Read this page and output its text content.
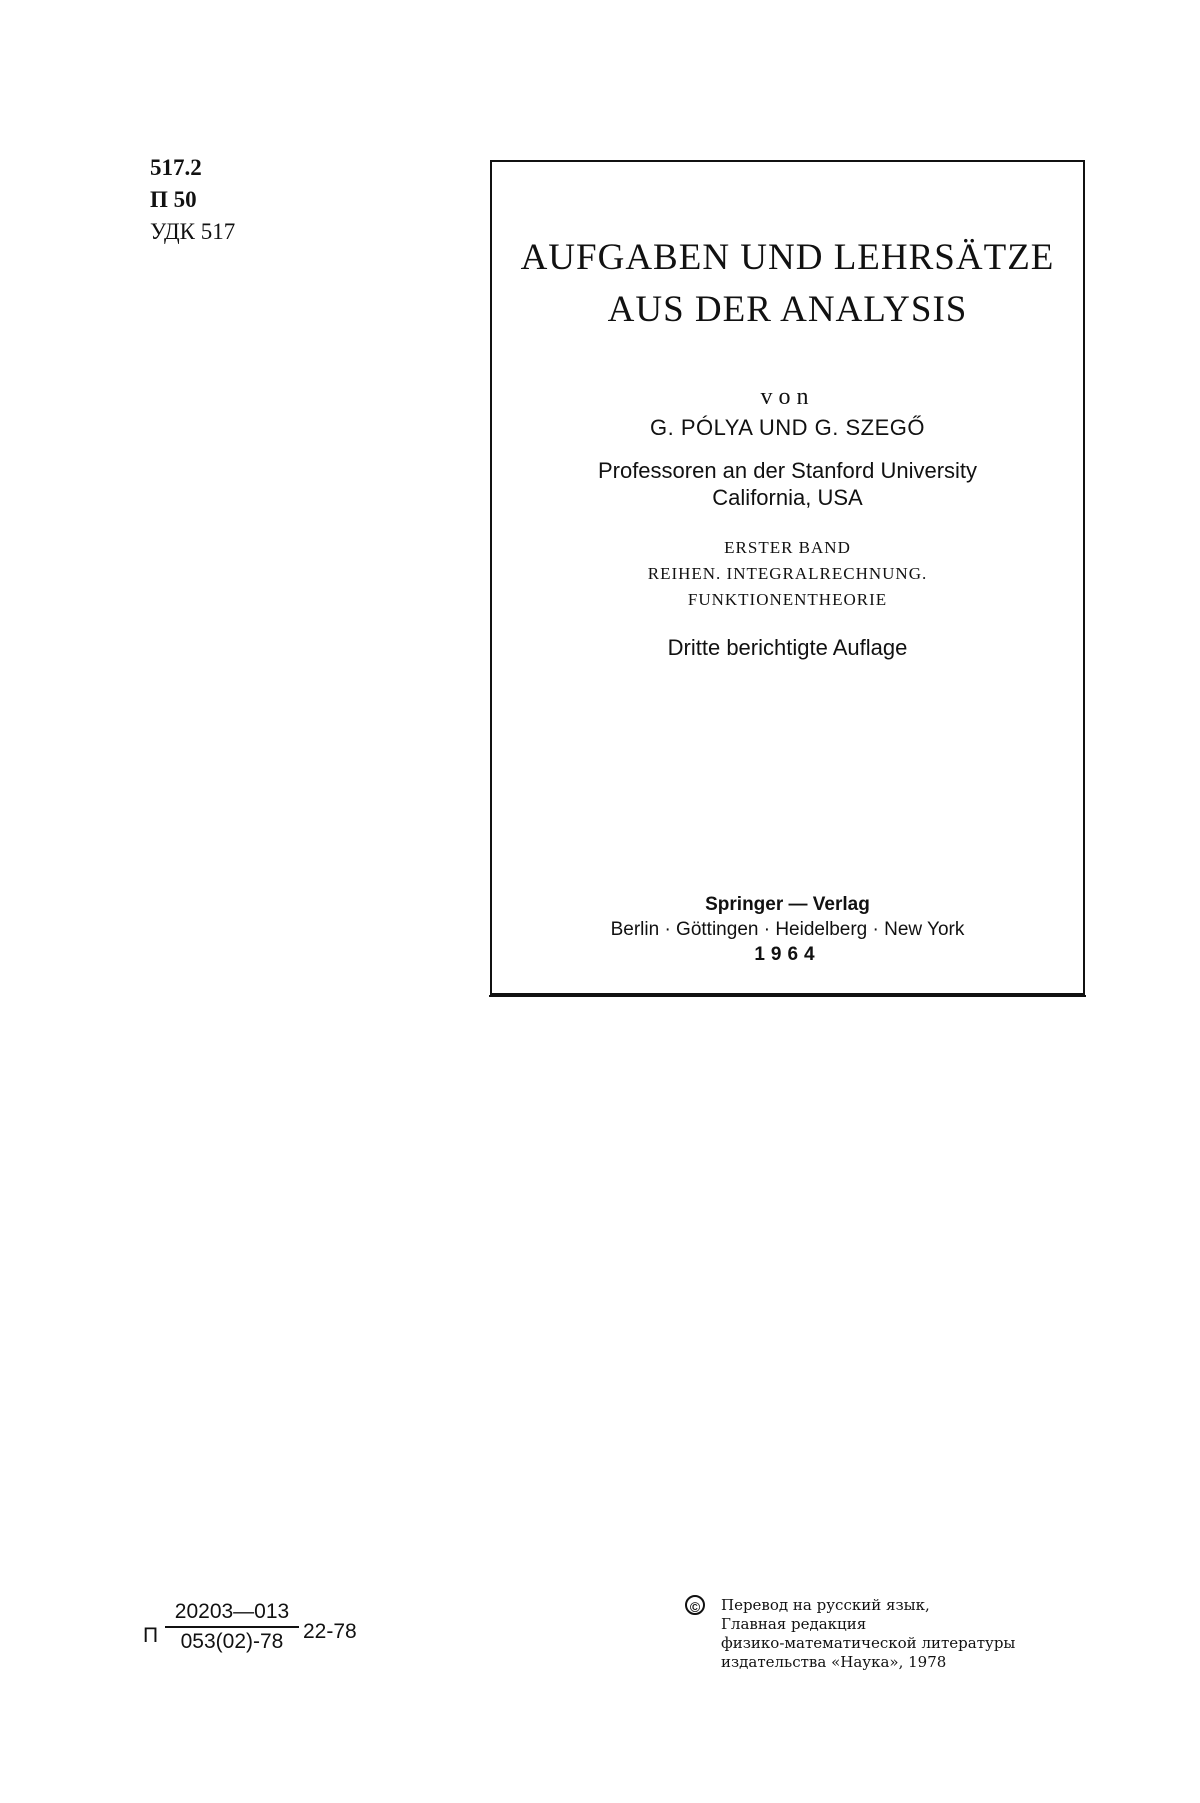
517.2
П 50
УДК 517
AUFGABEN UND LEHRSÄTZE
AUS DER ANALYSIS
von
G. PÓLYA UND G. SZEGŐ
Professoren an der Stanford University
California, USA
ERSTER BAND
REIHEN. INTEGRALRECHNUNG.
FUNKTIONENTHEORIE
Dritte berichtigte Auflage
Springer — Verlag
Berlin · Göttingen · Heidelberg · New York
1964
П
20203—013
053(02)-78 22-78
©	Перевод на русский язык,
Главная редакция
физико-математической литературы
издательства «Наука», 1978
